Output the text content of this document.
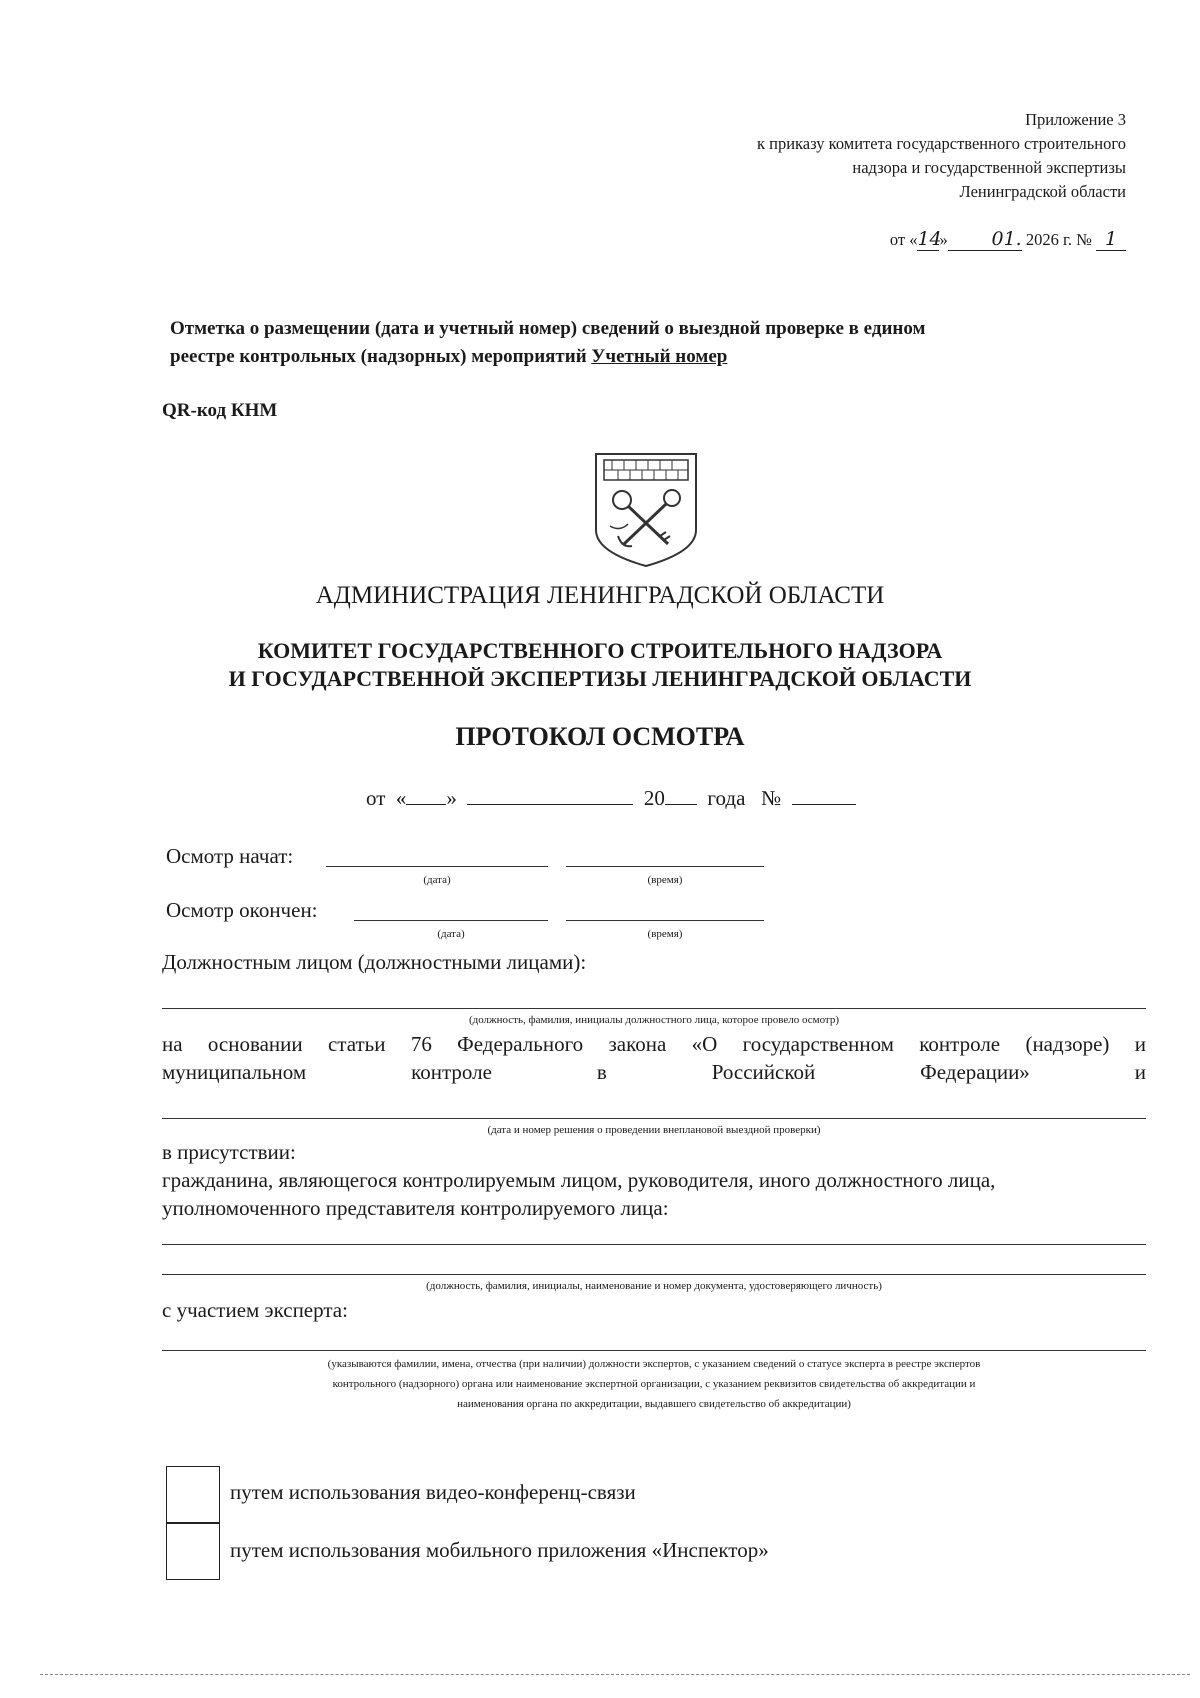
Приложение 3
к приказу комитета государственного строительного
надзора и государственной экспертизы
Ленинградской области
от «14» 01. 2026 г. № 1
Отметка о размещении (дата и учетный номер) сведений о выездной проверке в едином
реестре контрольных (надзорных) мероприятий Учетный номер
QR-код КНМ
АДМИНИСТРАЦИЯ ЛЕНИНГРАДСКОЙ ОБЛАСТИ
КОМИТЕТ ГОСУДАРСТВЕННОГО СТРОИТЕЛЬНОГО НАДЗОРА
И ГОСУДАРСТВЕННОЙ ЭКСПЕРТИЗЫ ЛЕНИНГРАДСКОЙ ОБЛАСТИ
ПРОТОКОЛ ОСМОТРА
от « »	20 года №
Осмотр начат:
(дата)	(время)
Осмотр окончен:
(дата)	(время)
Должностным лицом (должностными лицами):
(должность, фамилия, инициалы должностного лица, которое провело осмотр)
на основании статьи 76 Федерального закона «О государственном контроле (надзоре) и
муниципальном	контроле	в	Российской	Федерации»	и
(дата и номер решения о проведении внеплановой выездной проверки)
в присутствии:
гражданина, являющегося контролируемым лицом, руководителя, иного должностного лица,
уполномоченного представителя контролируемого лица:
(должность, фамилия, инициалы, наименование и номер документа, удостоверяющего личность)
с участием эксперта:
(указываются фамилии, имена, отчества (при наличии) должности экспертов, с указанием сведений о статусе эксперта в реестре экспертов
контрольного (надзорного) органа или наименование экспертной организации, с указанием реквизитов свидетельства об аккредитации и
наименования органа по аккредитации, выдавшего свидетельство об аккредитации)
путем использования видео-конференц-связи
путем использования мобильного приложения «Инспектор»
